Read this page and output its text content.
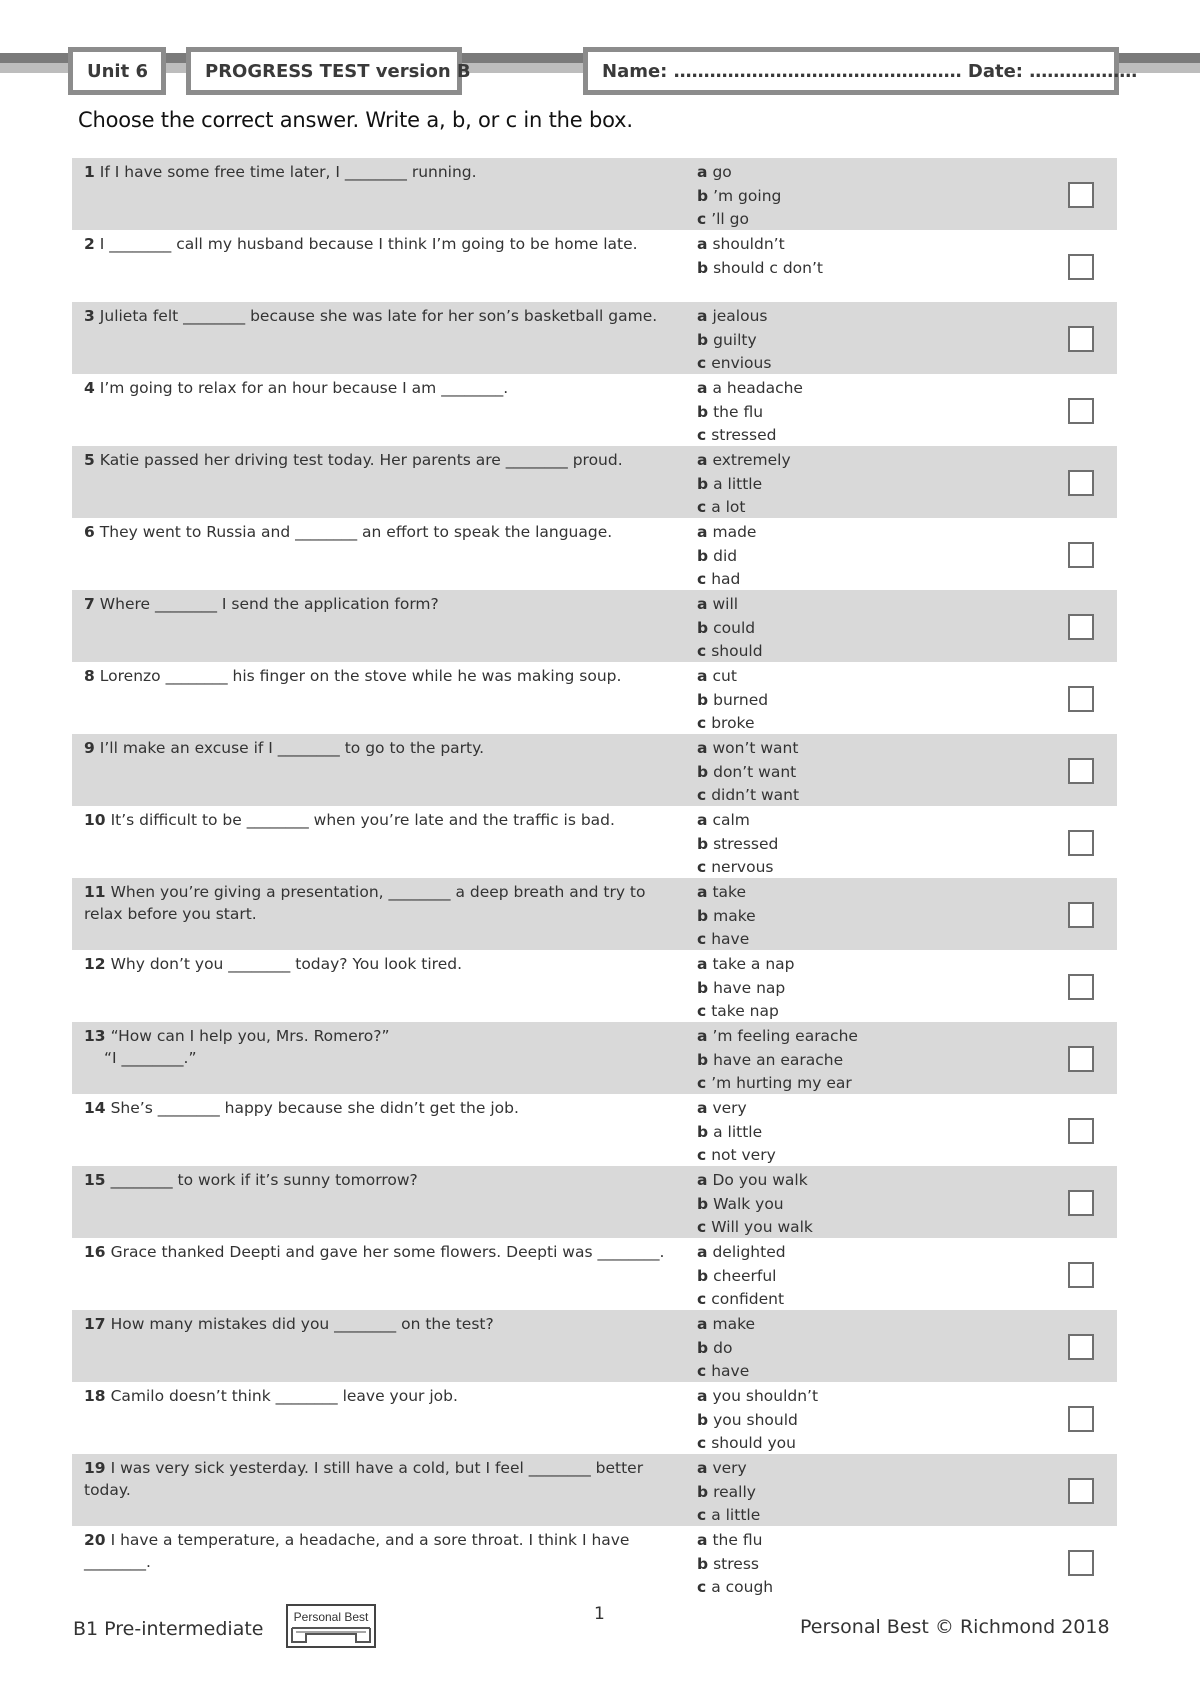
Unit 6	PROGRESS TEST version B	Name: ………………………………………… Date: ………………
Choose the correct answer. Write a, b, or c in the box.
1 If I have some free time later, I ________ running.	a go
b ’m going
c ’ll go
2 I ________ call my husband because I think I’m going to be home late.	a shouldn’t
b should c don’t
3 Julieta felt ________ because she was late for her son’s basketball game.	a jealous
b guilty
c envious
4 I’m going to relax for an hour because I am ________.	a a headache
b the flu
c stressed
5 Katie passed her driving test today. Her parents are ________ proud.	a extremely
b a little
c a lot
6 They went to Russia and ________ an effort to speak the language.	a made
b did
c had
7 Where ________ I send the application form?	a will
b could
c should
8 Lorenzo ________ his finger on the stove while he was making soup.	a cut
b burned
c broke
9 I’ll make an excuse if I ________ to go to the party.	a won’t want
b don’t want
c didn’t want
10 It’s difficult to be ________ when you’re late and the traffic is bad.	a calm
b stressed
c nervous
11 When you’re giving a presentation, ________ a deep breath and try to relax before you start.
a take
b make
c have
12 Why don’t you ________ today? You look tired.	a take a nap
b have nap
c take nap
13 “How can I help you, Mrs. Romero?”
“I ________.”
a ’m feeling earache
b have an earache
c ’m hurting my ear
14 She’s ________ happy because she didn’t get the job.	a very
b a little
c not very
15 ________ to work if it’s sunny tomorrow?	a Do you walk
b Walk you
c Will you walk
16 Grace thanked Deepti and gave her some flowers. Deepti was ________.	a delighted
b cheerful
c confident
17 How many mistakes did you ________ on the test?	a make
b do
c have
18 Camilo doesn’t think ________ leave your job.	a you shouldn’t
b you should
c should you
19 I was very sick yesterday. I still have a cold, but I feel ________ better today.
a very
b really
c a little
20 I have a temperature, a headache, and a sore throat. I think I have ________.
a the flu
b stress
c a cough
B1 Pre-intermediate
Personal Best	1
Personal Best © Richmond 2018
